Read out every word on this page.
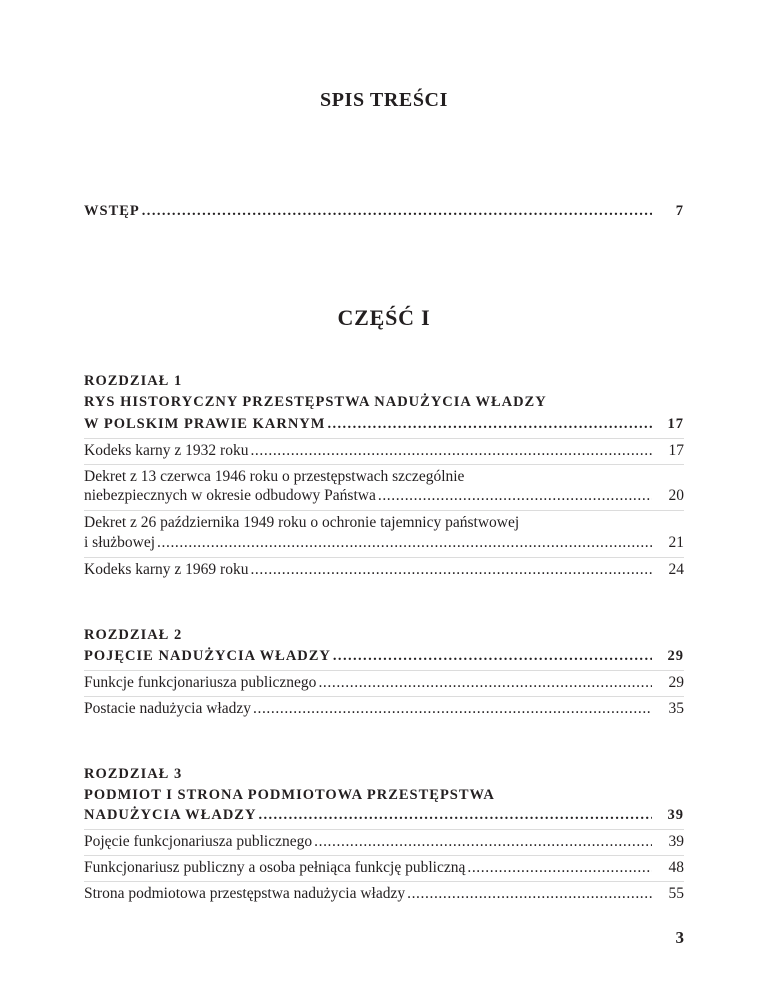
SPIS TREŚCI
WSTĘP .....	7
CZĘŚĆ I
ROZDZIAŁ 1
RYS HISTORYCZNY PRZESTĘPSTWA NADUŻYCIA WŁADZY
W POLSKIM PRAWIE KARNYM .....	17
Kodeks karny z 1932 roku .....	17
Dekret z 13 czerwca 1946 roku o przestępstwach szczególnie
niebezpiecznych w okresie odbudowy Państwa .....	20
Dekret z 26 października 1949 roku o ochronie tajemnicy państwowej
i służbowej .....	21
Kodeks karny z 1969 roku .....	24
ROZDZIAŁ 2
POJĘCIE NADUŻYCIA WŁADZY .....	29
Funkcje funkcjonariusza publicznego .....	29
Postacie nadużycia władzy .....	35
ROZDZIAŁ 3
PODMIOT I STRONA PODMIOTOWA PRZESTĘPSTWA
NADUŻYCIA WŁADZY .....	39
Pojęcie funkcjonariusza publicznego .....	39
Funkcjonariusz publiczny a osoba pełniąca funkcję publiczną .....	48
Strona podmiotowa przestępstwa nadużycia władzy .....	55
3
